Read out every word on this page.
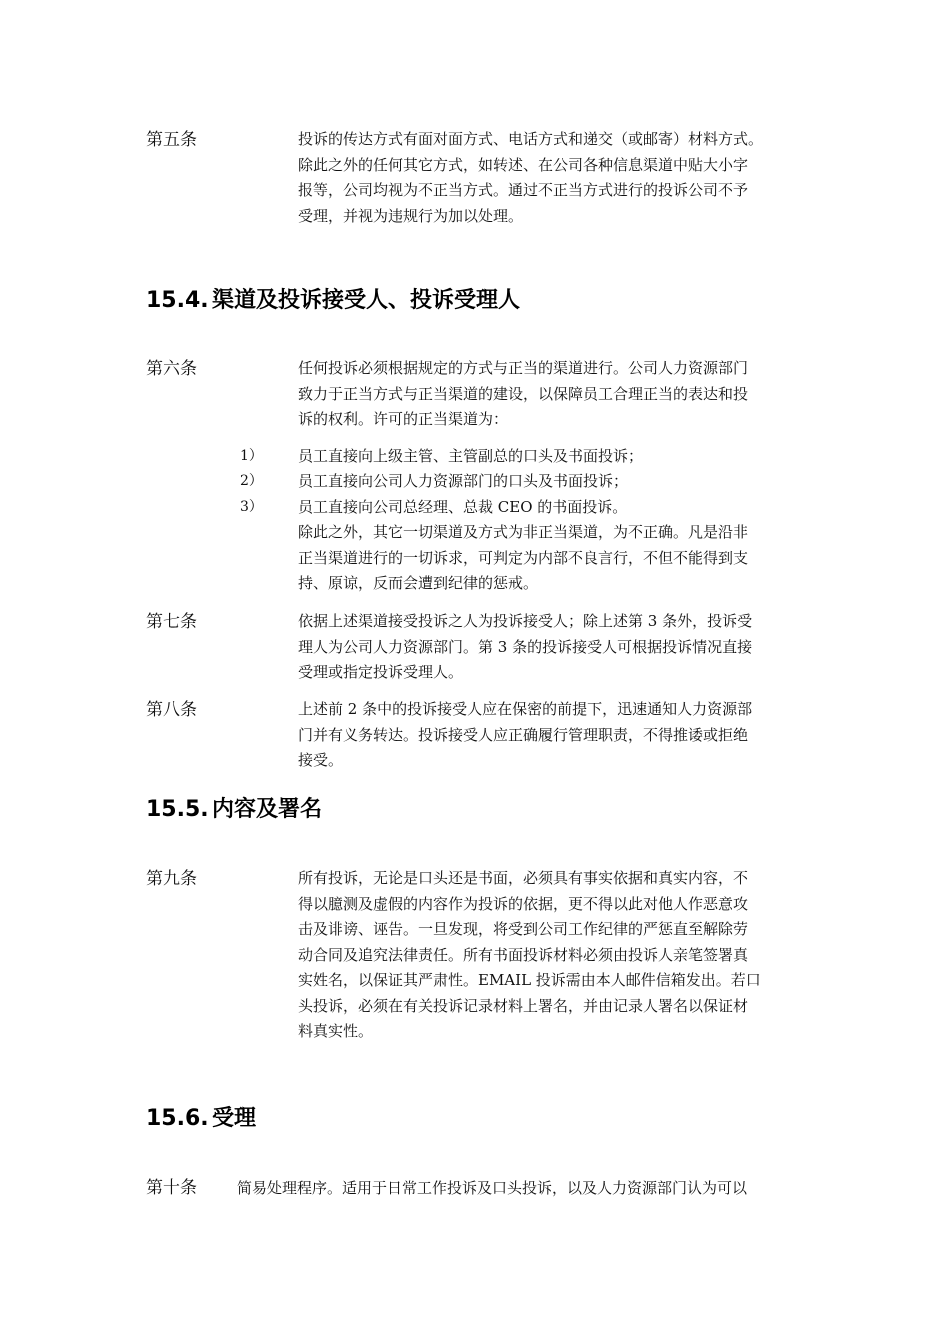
第五条	投诉的传达方式有面对面方式、电话方式和递交（或邮寄）材料方式。
除此之外的任何其它方式，如转述、在公司各种信息渠道中贴大小字
报等，公司均视为不正当方式。通过不正当方式进行的投诉公司不予
受理，并视为违规行为加以处理。
15.4. 渠道及投诉接受人、投诉受理人
第六条	任何投诉必须根据规定的方式与正当的渠道进行。公司人力资源部门
致力于正当方式与正当渠道的建设，以保障员工合理正当的表达和投
诉的权利。许可的正当渠道为：
1） 员工直接向上级主管、主管副总的口头及书面投诉；
2） 员工直接向公司人力资源部门的口头及书面投诉；
3） 员工直接向公司总经理、总裁 CEO 的书面投诉。
除此之外，其它一切渠道及方式为非正当渠道，为不正确。凡是沿非
正当渠道进行的一切诉求，可判定为内部不良言行，不但不能得到支
持、原谅，反而会遭到纪律的惩戒。
第七条	依据上述渠道接受投诉之人为投诉接受人；除上述第 3 条外，投诉受
理人为公司人力资源部门。第 3 条的投诉接受人可根据投诉情况直接
受理或指定投诉受理人。
第八条	上述前 2 条中的投诉接受人应在保密的前提下，迅速通知人力资源部
门并有义务转达。投诉接受人应正确履行管理职责，不得推诿或拒绝
接受。
15.5. 内容及署名
第九条	所有投诉，无论是口头还是书面，必须具有事实依据和真实内容，不
得以臆测及虚假的内容作为投诉的依据，更不得以此对他人作恶意攻
击及诽谤、诬告。一旦发现，将受到公司工作纪律的严惩直至解除劳
动合同及追究法律责任。所有书面投诉材料必须由投诉人亲笔签署真
实姓名，以保证其严肃性。EMAIL 投诉需由本人邮件信箱发出。若口
头投诉，必须在有关投诉记录材料上署名，并由记录人署名以保证材
料真实性。
15.6. 受理
第十条	简易处理程序。适用于日常工作投诉及口头投诉，以及人力资源部门认为可以
